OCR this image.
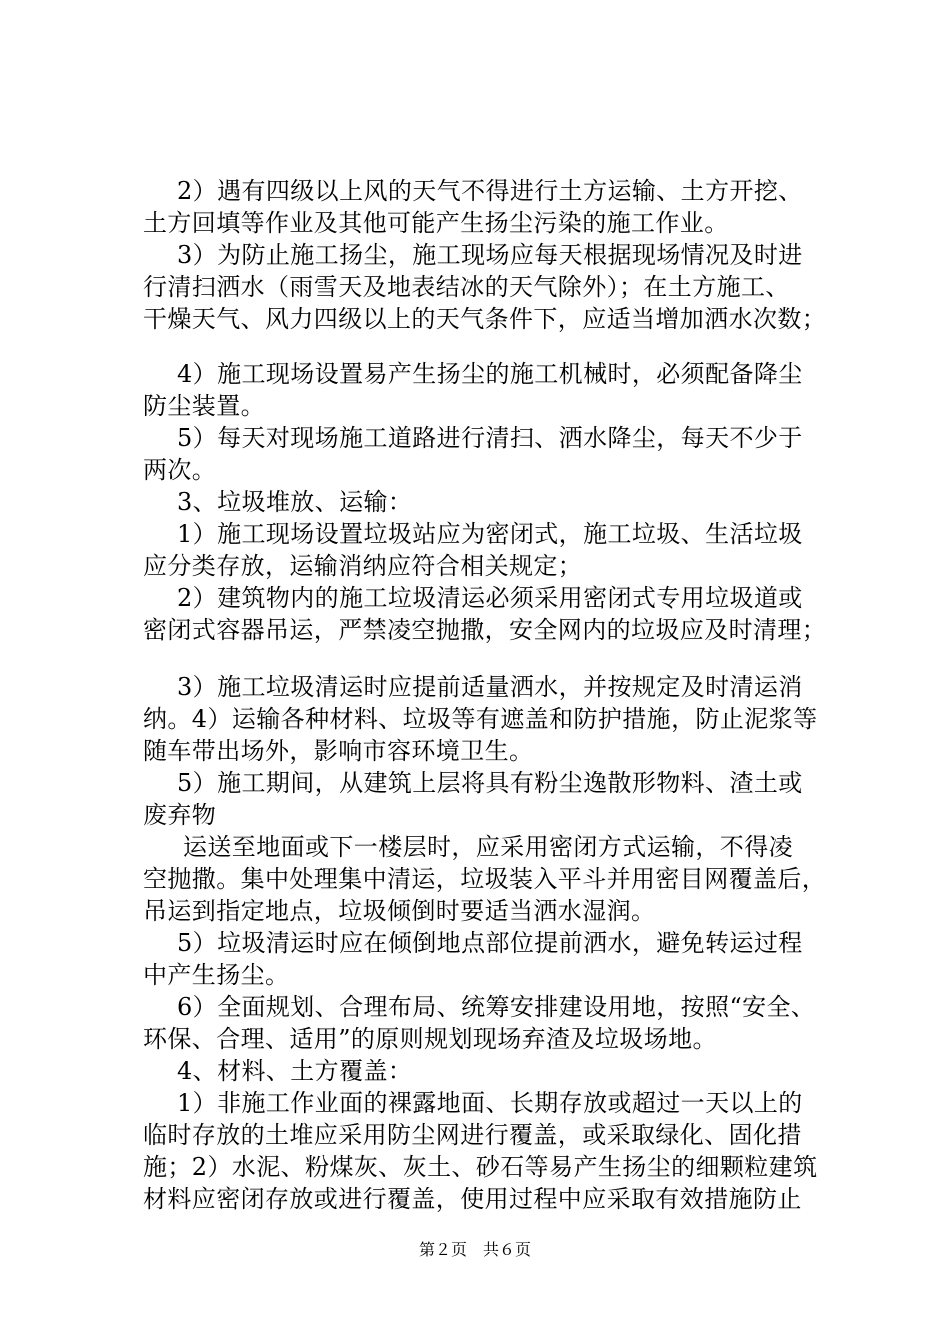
2）遇有四级以上风的天气不得进行土方运输、土方开挖、
土方回填等作业及其他可能产生扬尘污染的施工作业。
3）为防止施工扬尘，施工现场应每天根据现场情况及时进
行清扫洒水（雨雪天及地表结冰的天气除外）；在土方施工、
干燥天气、风力四级以上的天气条件下，应适当增加洒水次数；
4）施工现场设置易产生扬尘的施工机械时，必须配备降尘
防尘装置。
5）每天对现场施工道路进行清扫、洒水降尘，每天不少于
两次。
3、垃圾堆放、运输：
1）施工现场设置垃圾站应为密闭式，施工垃圾、生活垃圾
应分类存放，运输消纳应符合相关规定；
2）建筑物内的施工垃圾清运必须采用密闭式专用垃圾道或
密闭式容器吊运，严禁凌空抛撒，安全网内的垃圾应及时清理；
3）施工垃圾清运时应提前适量洒水，并按规定及时清运消
纳。4）运输各种材料、垃圾等有遮盖和防护措施，防止泥浆等
随车带出场外，影响市容环境卫生。
5）施工期间，从建筑上层将具有粉尘逸散形物料、渣土或
废弃物
运送至地面或下一楼层时，应采用密闭方式运输，不得凌
空抛撒。集中处理集中清运，垃圾装入平斗并用密目网覆盖后，
吊运到指定地点，垃圾倾倒时要适当洒水湿润。
5）垃圾清运时应在倾倒地点部位提前洒水，避免转运过程
中产生扬尘。
6）全面规划、合理布局、统筹安排建设用地，按照“安全、
环保、合理、适用”的原则规划现场弃渣及垃圾场地。
4、材料、土方覆盖：
1）非施工作业面的裸露地面、长期存放或超过一天以上的
临时存放的土堆应采用防尘网进行覆盖，或采取绿化、固化措
施；2）水泥、粉煤灰、灰土、砂石等易产生扬尘的细颗粒建筑
材料应密闭存放或进行覆盖，使用过程中应采取有效措施防止
第２页　共６页
